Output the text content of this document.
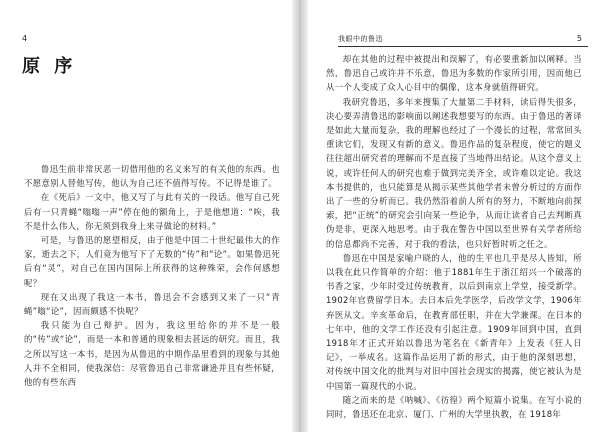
4
原 序

鲁迅生前非常厌恶一切借用他的名义来写的有关他的东西。也不愿意别人替他写传，他认为自己还不值得写传。不记得是谁了。

在《死后》一文中，他又写了与此有关的一段话。他写自己死后有一只青蝇“嗡嗡一声”停在他的额角上，于是他想道：“唉，我不是什么伟人，你无须到我身上来寻做论的材料。”

可是，与鲁迅的愿望相反，由于他是中国二十世纪最伟大的作家，逝去之下，人们竟为他写下了无数的“传”和“论”。如果鲁迅死后有“灵”，对自己在国内国际上所获得的这种殊荣，会作何感想呢？

现在又出现了我这一本书，鲁迅会不会感到又来了一只“青蝇”嗡“论”，因而颇感不快呢？

我只能为自己辩护。因为，我这里给你的并不是一般的“传”或“论”，而是一本和普通的现象相去甚远的研究。而且，我之所以写这一本书，是因为从鲁迅的中期作品里看到的现象与其他人并不全相同，使我深信：尽管鲁迅自己非常谦逊并且有些怀疑，他的有些东西

我眼中的鲁迅	5

却在其他的过程中被提出和误解了，有必要重新加以阐释。当然，鲁迅自己或许并不乐意，鲁迅为多数的作家所引用，因而他已从一个人变成了众人心目中的偶像，这本身就值得研究。

我研究鲁迅，多年来搜集了大量第二手材料，读后得失很多，决心要弄清鲁迅的影响面以阐述我想要写的东西。由于鲁迅的著译是如此大量而复杂，我的理解也经过了一个漫长的过程，常常回头重读它们，发现又有新的意义。鲁迅作品的复杂程度，使它的题义往往超出研究者的理解而不是直接了当地得出结论。从这个意义上说，或许任何人的研究也难于做到完美齐全，或许难以定论。我这本书提供的，也只能算是从揭示某些其他学者未曾分析过的方面作出了一些的分析而已。我仍然沿着前人所有的努力，不断地向前探索，把“正统”的研究会引向某一些论争，从而让读者自己去判断真伪是非，更深入地思考。由于我在警告中国以至世界有关学者所给的信息都尚不完善，对于我的看法，也只好暂时听之任之。

鲁迅在中国是家喻户晓的人，他的生平也几乎是尽人皆知，所以我在此只作简单的介绍：他于1881年生于浙江绍兴一个破落的书香之家，少年时受过传统教育，以后到南京上学堂，接受新学。1902年官费留学日本。去日本后先学医学，后改学文学，1906年弃医从文。辛亥革命后，在教育部任职，并在大学兼课。在日本的七年中，他的文学工作还没有引起注意。1909年回到中国，直到1918年才正式开始以鲁迅为笔名在《新青年》上发表《狂人日记》，一举成名。这篇作品运用了新的形式，由于他的深刻思想，对传统中国文化的批判与对旧中国社会现实的揭露，使它被认为是中国第一篇现代的小说。

随之而来的是《呐喊》、《彷徨》两个短篇小说集。在写小说的同时，鲁迅还在北京、厦门、广州的大学里执教，在 1918年
